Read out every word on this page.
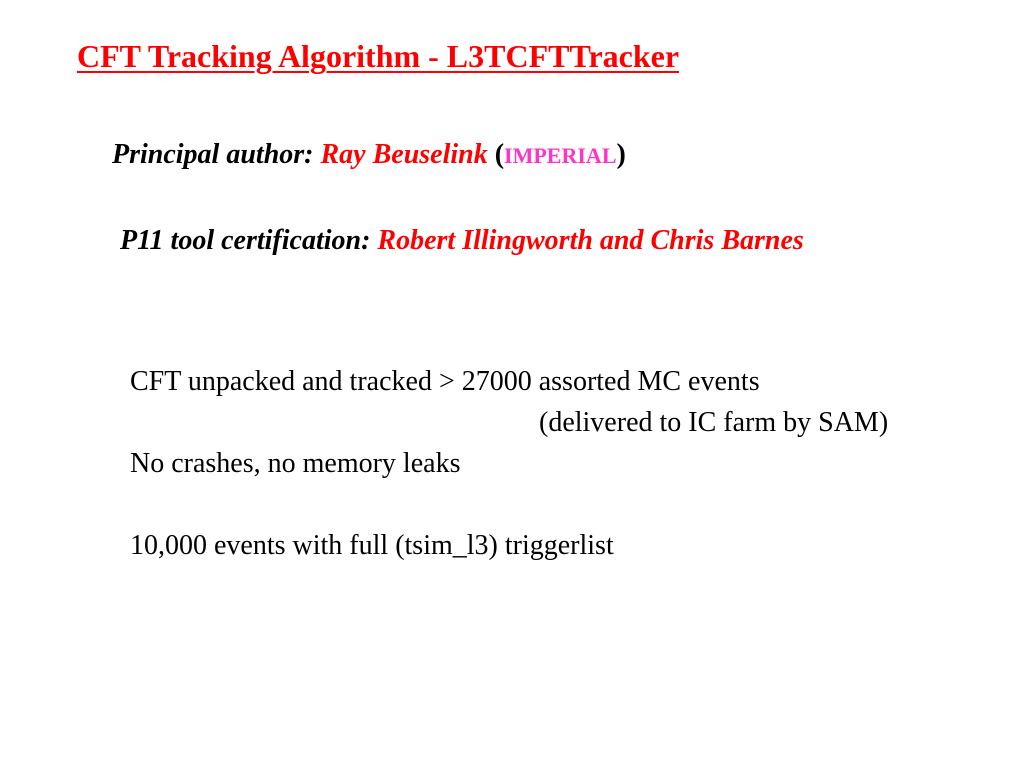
CFT Tracking Algorithm - L3TCFTTracker
Principal author: Ray Beuselink (IMPERIAL)
P11 tool certification: Robert Illingworth and Chris Barnes
CFT unpacked and tracked > 27000 assorted MC events
(delivered to IC farm by SAM)
No crashes, no memory leaks
10,000 events with full (tsim_l3) triggerlist
